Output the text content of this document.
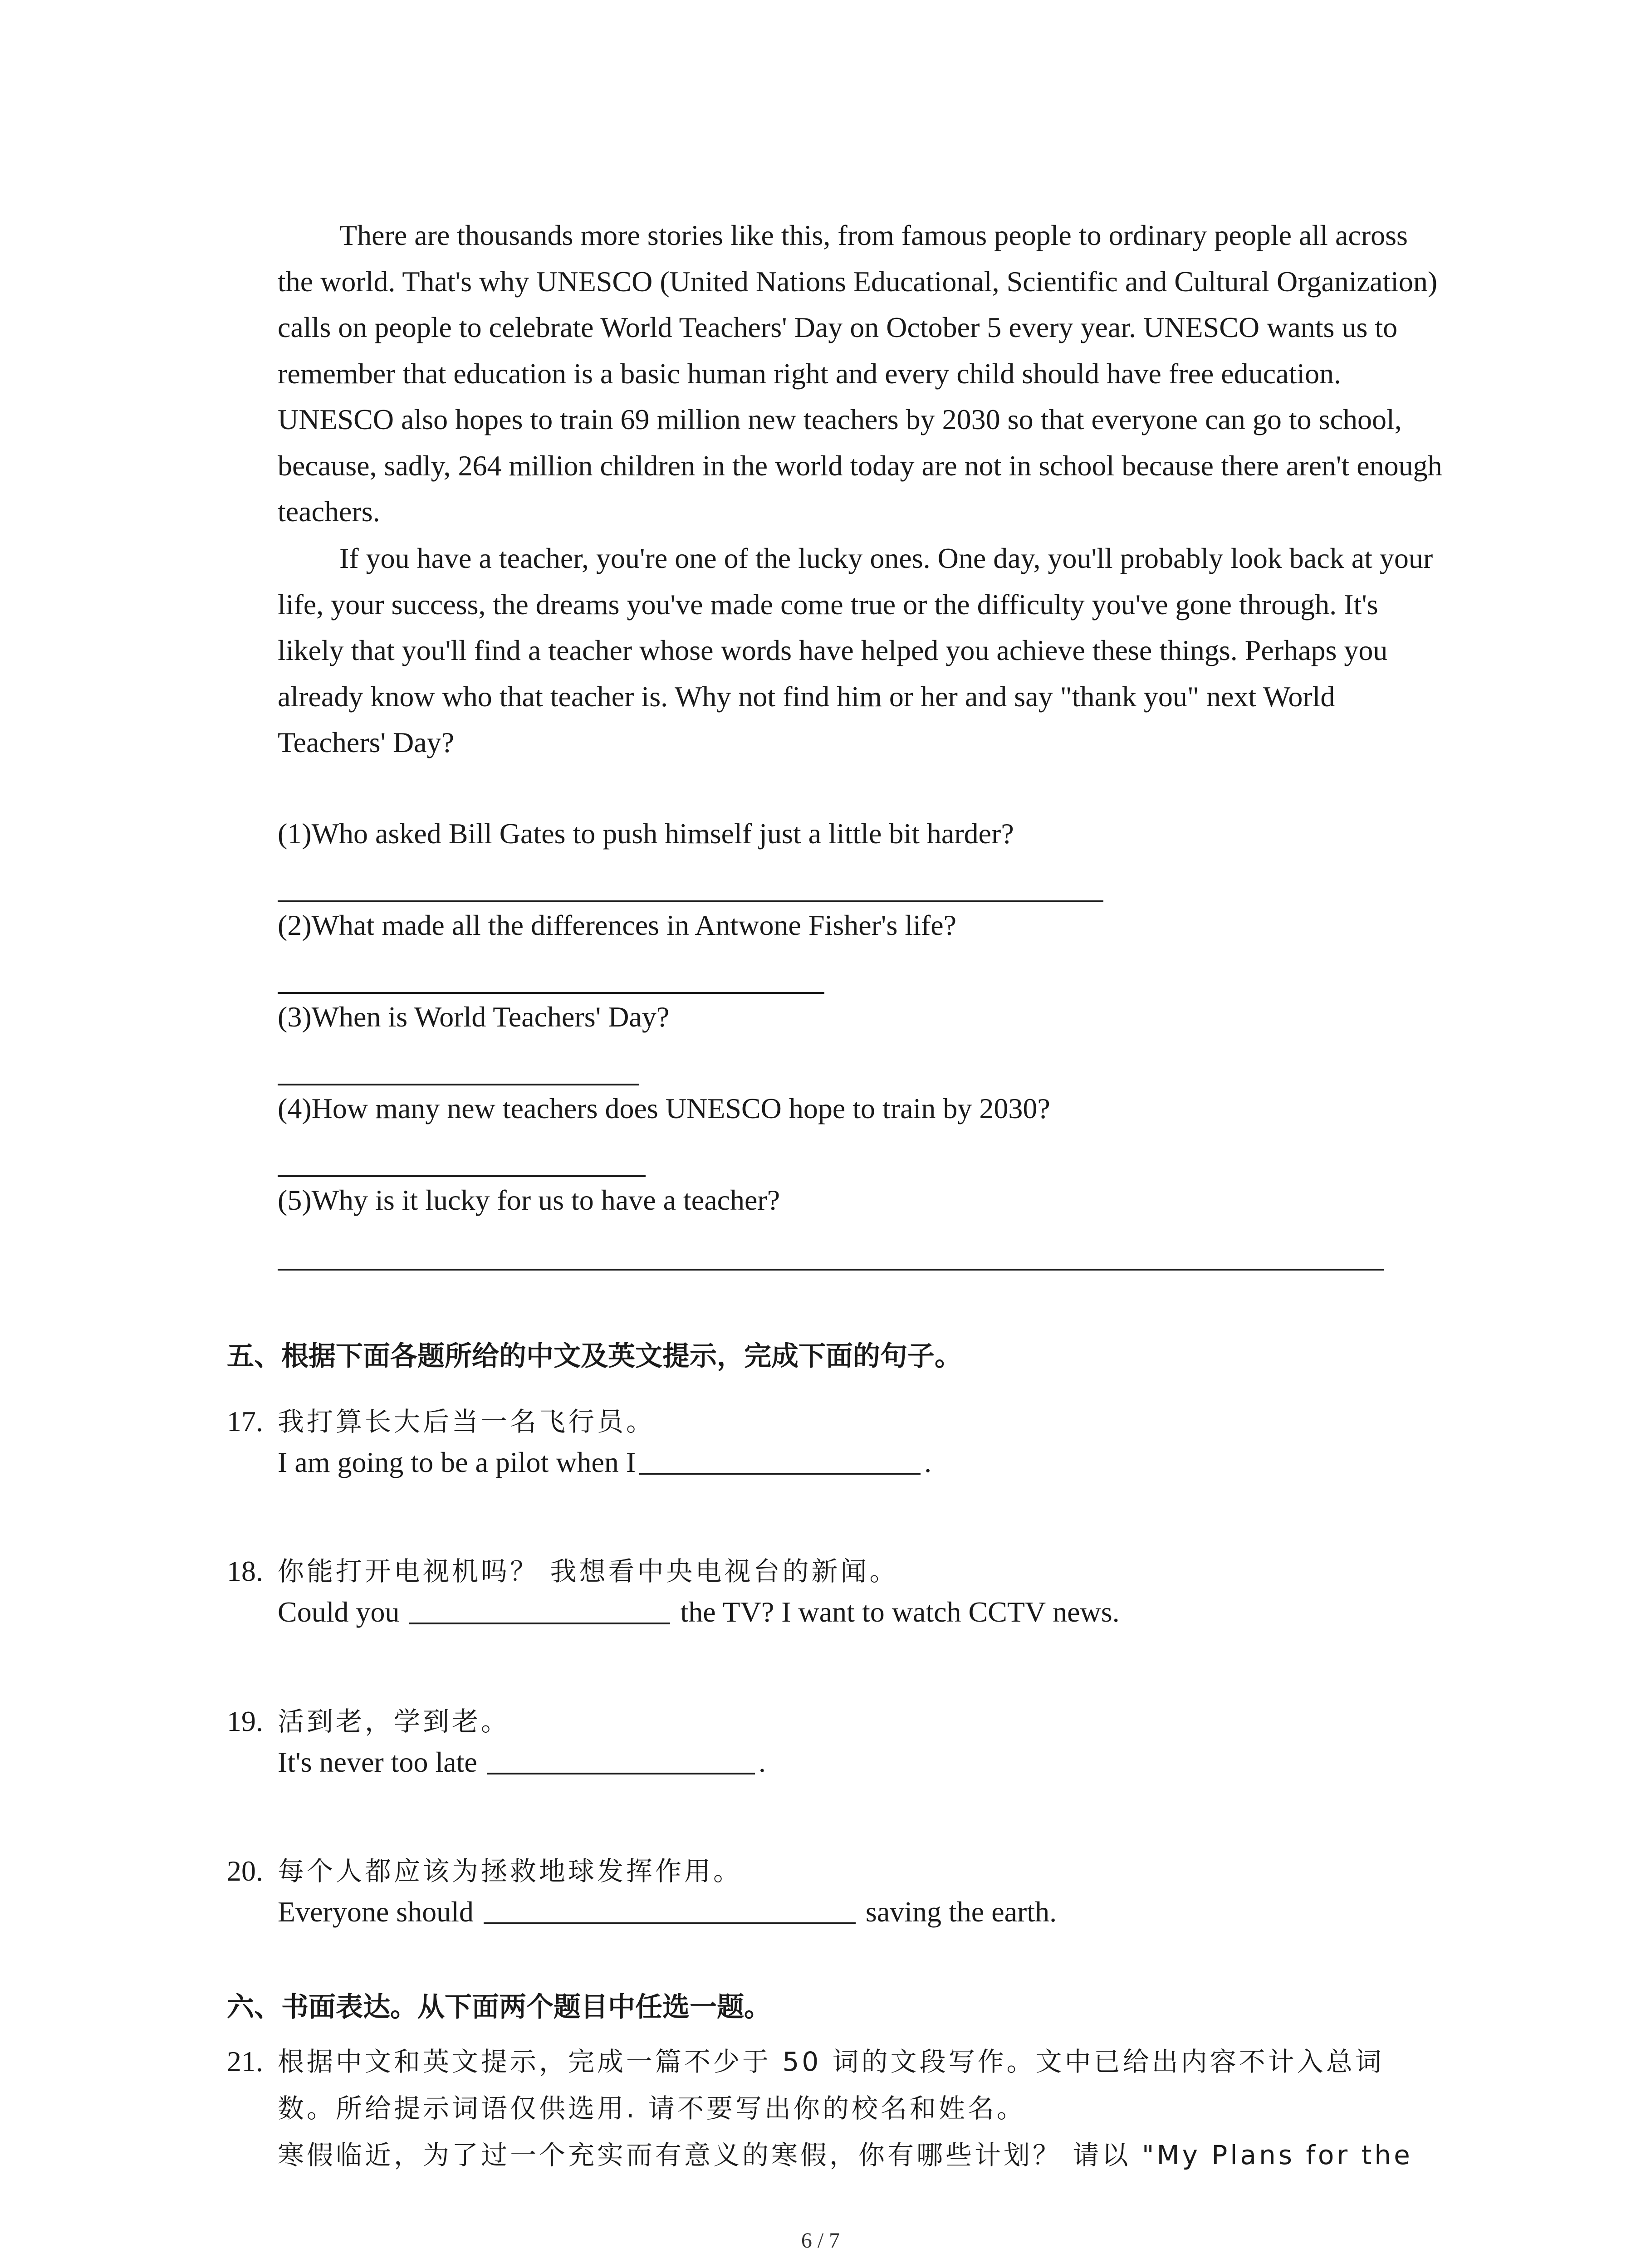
There are thousands more stories like this, from famous people to ordinary people all across the world. That's why UNESCO (United Nations Educational, Scientific and Cultural Organization) calls on people to celebrate World Teachers' Day on October 5 every year. UNESCO wants us to remember that education is a basic human right and every child should have free education. UNESCO also hopes to train 69 million new teachers by 2030 so that everyone can go to school, because, sadly, 264 million children in the world today are not in school because there aren't enough teachers.

If you have a teacher, you're one of the lucky ones. One day, you'll probably look back at your life, your success, the dreams you've made come true or the difficulty you've gone through. It's likely that you'll find a teacher whose words have helped you achieve these things. Perhaps you already know who that teacher is. Why not find him or her and say "thank you" next World Teachers' Day?

(1)Who asked Bill Gates to push himself just a little bit harder?
(2)What made all the differences in Antwone Fisher's life?
(3)When is World Teachers' Day?
(4)How many new teachers does UNESCO hope to train by 2030?
(5)Why is it lucky for us to have a teacher?
五、根据下面各题所给的中文及英文提示，完成下面的句子。
17. 我打算长大后当一名飞行员。
I am going to be a pilot when I	.
18. 你能打开电视机吗？ 我想看中央电视台的新闻。
Could you	the TV? I want to watch CCTV news.
19. 活到老，学到老。
It's never too late	.
20. 每个人都应该为拯救地球发挥作用。
Everyone should	saving the earth.
六、书面表达。从下面两个题目中任选一题。
21. 根据中文和英文提示，完成一篇不少于 50 词的文段写作。文中已给出内容不计入总词
数。所给提示词语仅供选用. 请不要写出你的校名和姓名。
寒假临近，为了过一个充实而有意义的寒假，你有哪些计划？ 请以 "My Plans for the
6 / 7
